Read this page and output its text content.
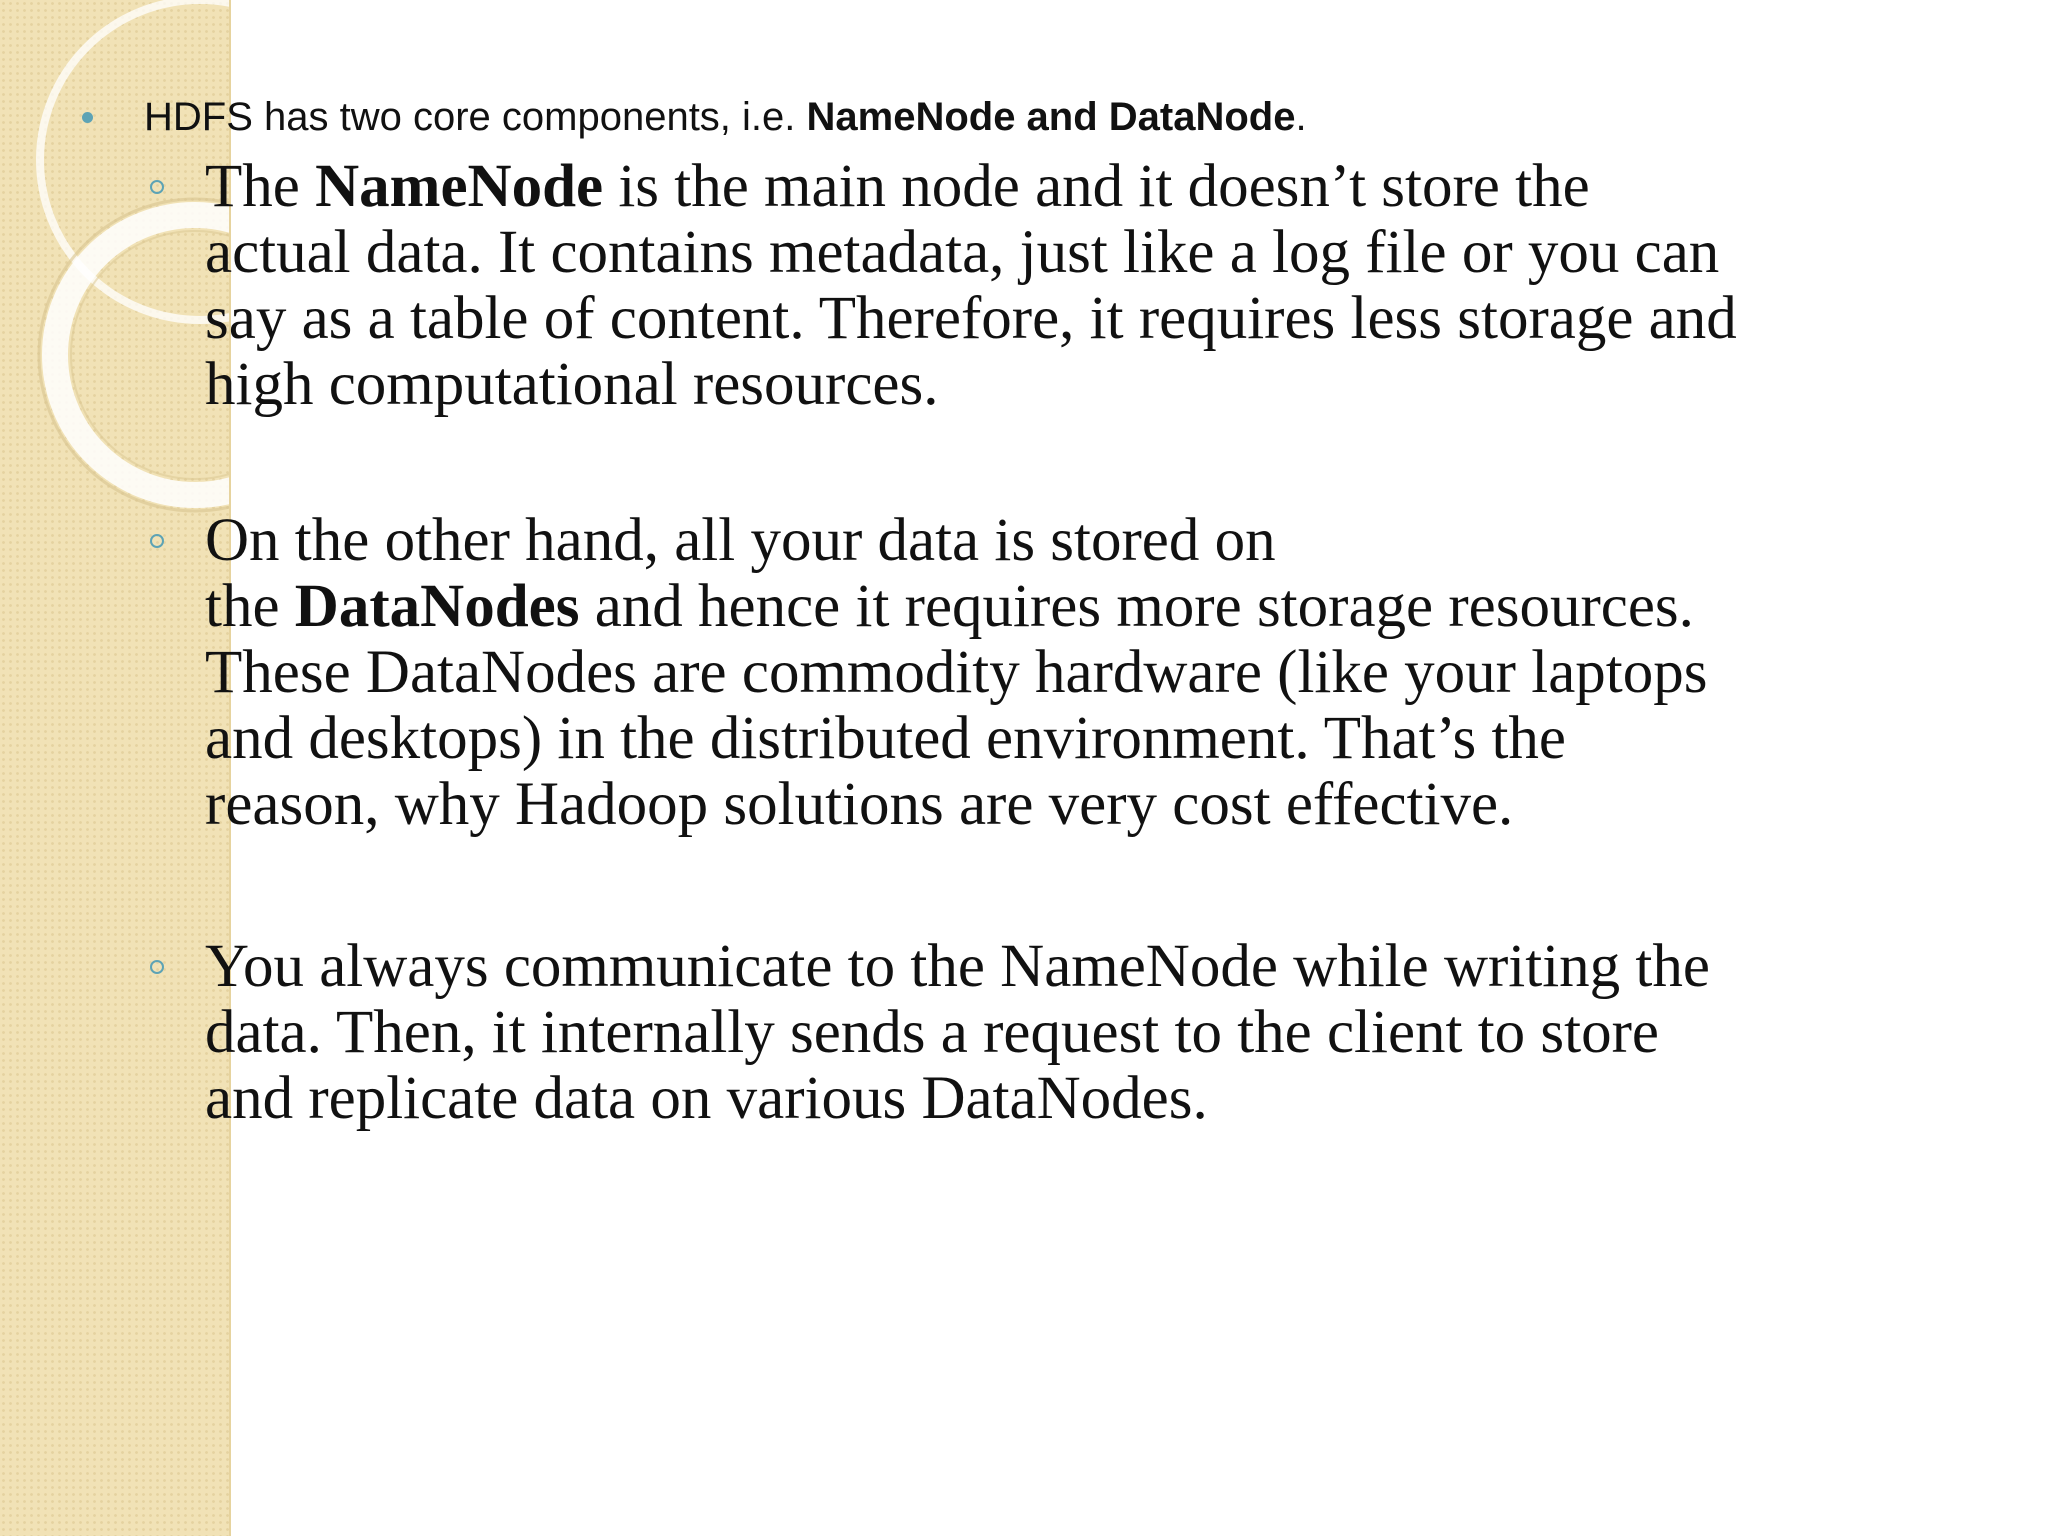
HDFS has two core components, i.e. NameNode and DataNode.
The NameNode is the main node and it doesn’t store the
actual data. It contains metadata, just like a log file or you can
say as a table of content. Therefore, it requires less storage and
high computational resources.
On the other hand, all your data is stored on
the DataNodes and hence it requires more storage resources.
These DataNodes are commodity hardware (like your laptops
and desktops) in the distributed environment. That’s the
reason, why Hadoop solutions are very cost effective.
You always communicate to the NameNode while writing the
data. Then, it internally sends a request to the client to store
and replicate data on various DataNodes.
